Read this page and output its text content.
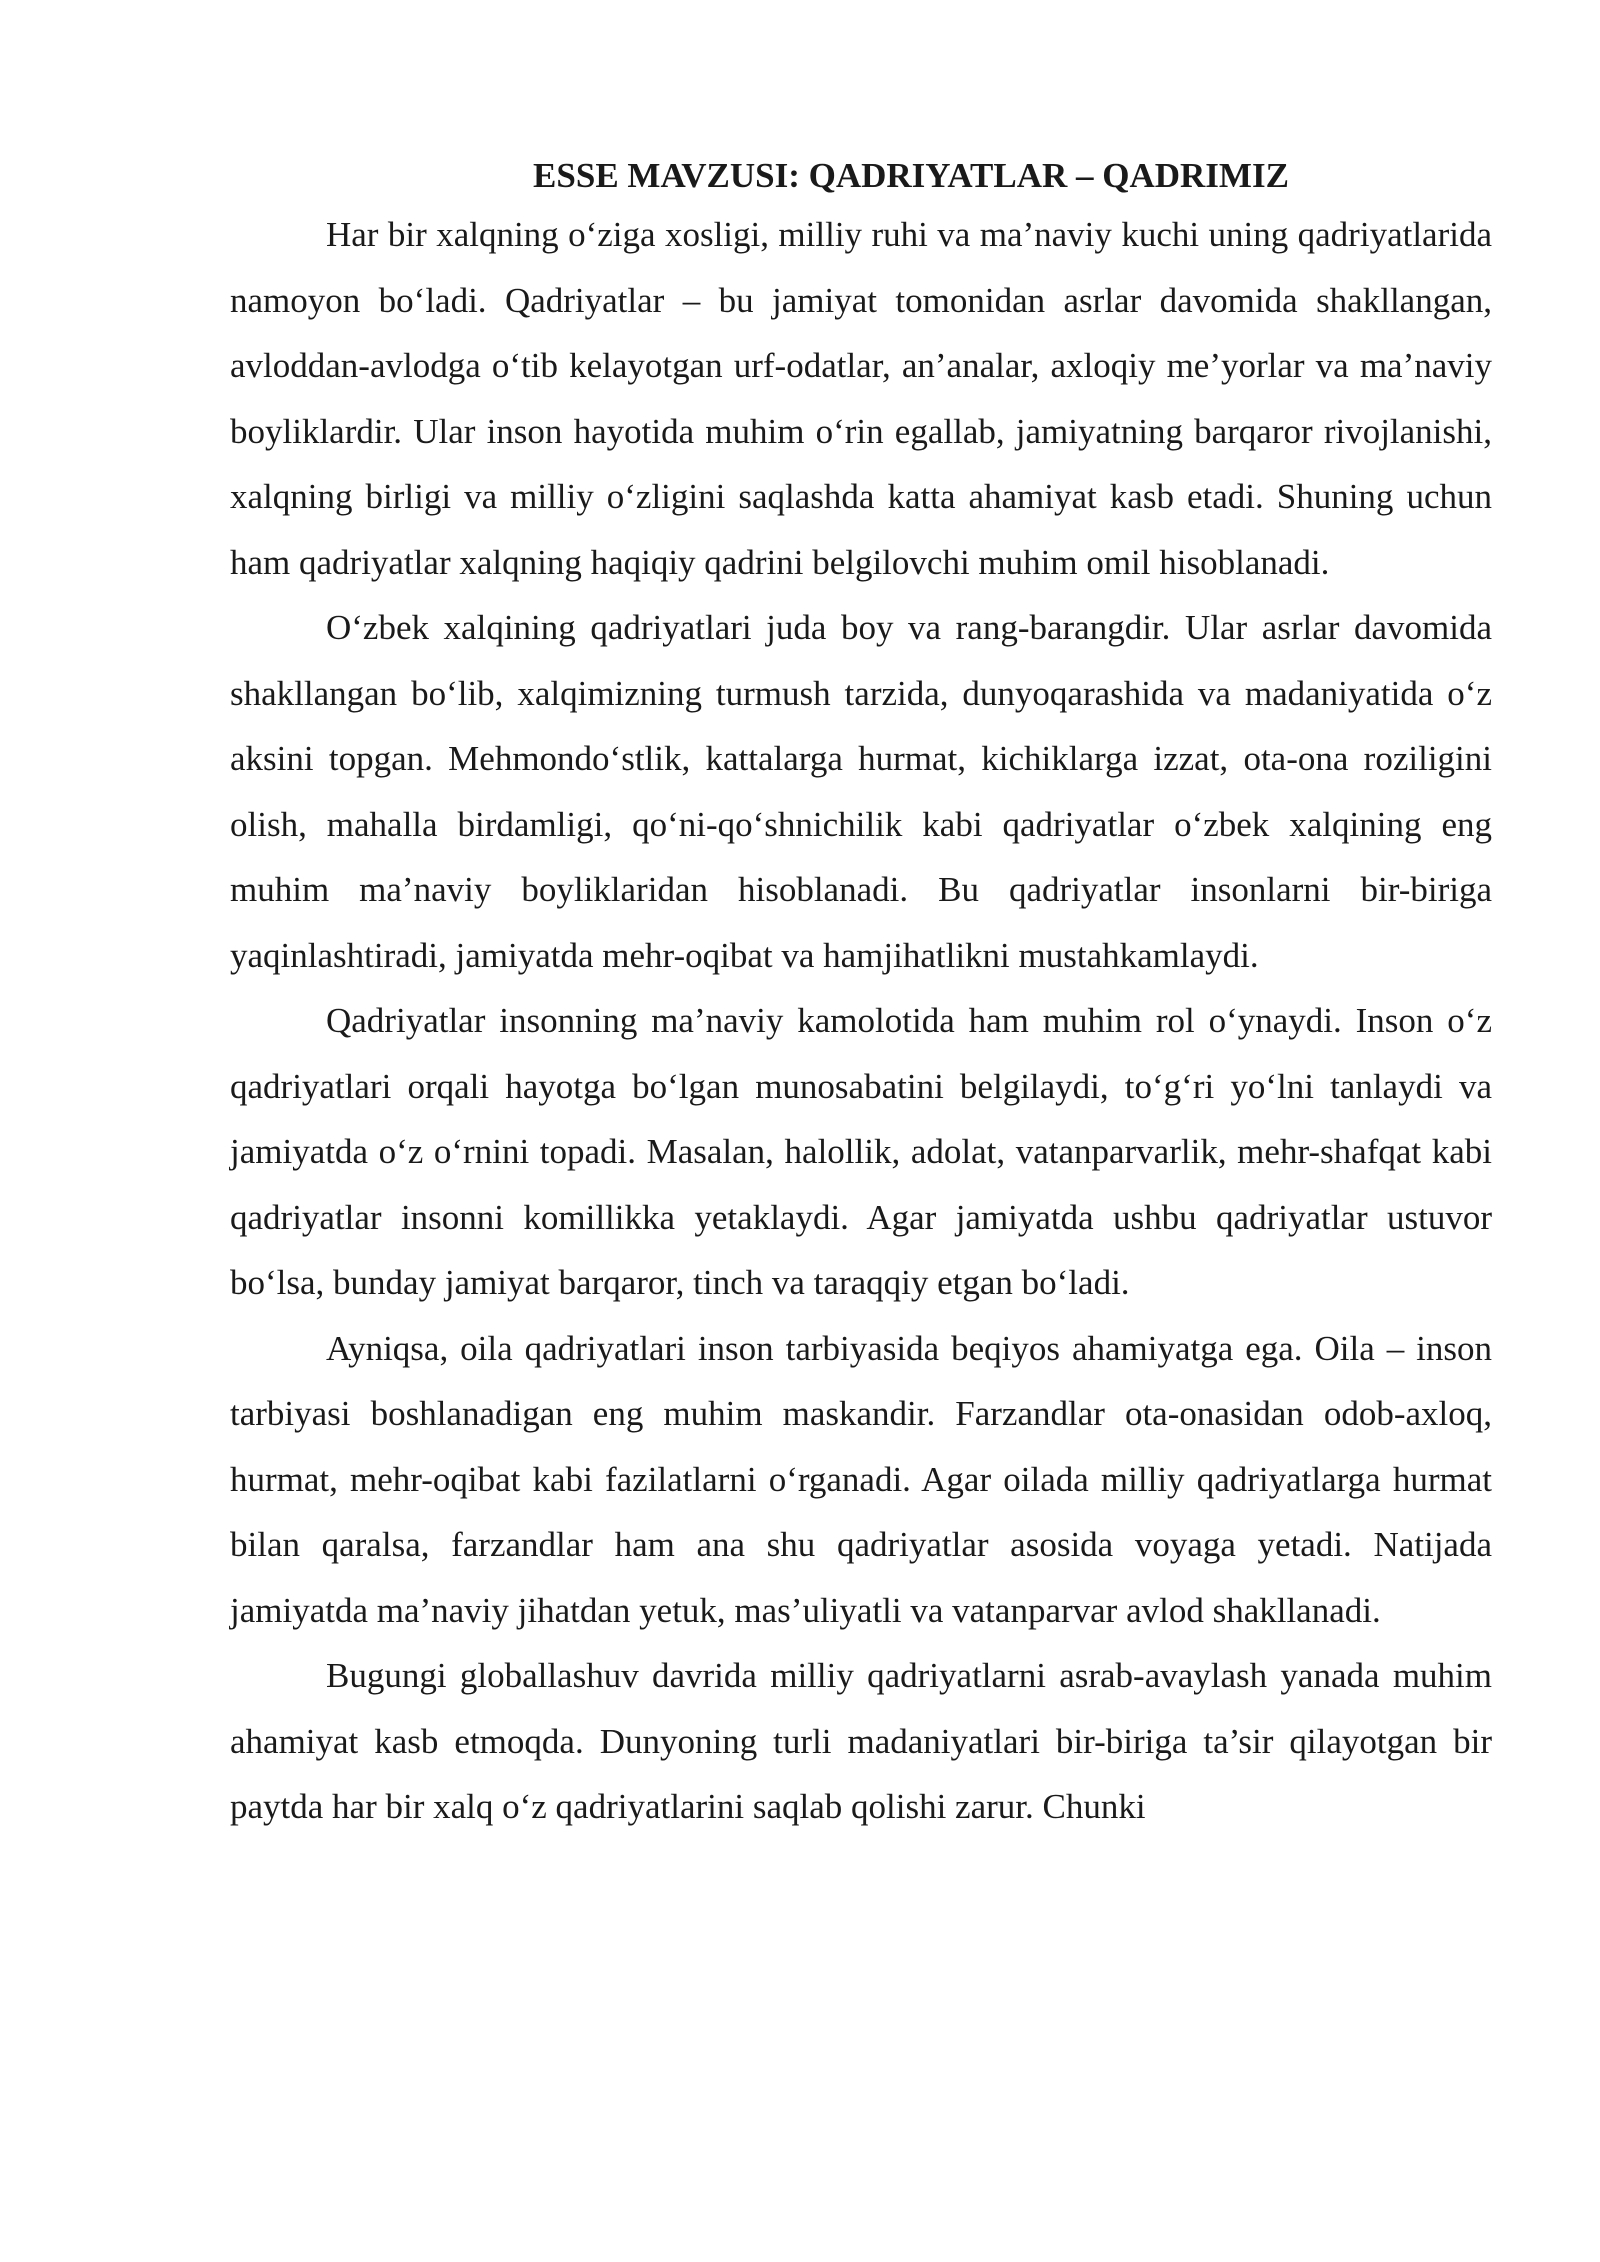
ESSE MAVZUSI: QADRIYATLAR – QADRIMIZ

Har bir xalqning o‘ziga xosligi, milliy ruhi va ma’naviy kuchi uning qadriyatlarida namoyon bo‘ladi. Qadriyatlar – bu jamiyat tomonidan asrlar davomida shakllangan, avloddan-avlodga o‘tib kelayotgan urf-odatlar, an’analar, axloqiy me’yorlar va ma’naviy boyliklardir. Ular inson hayotida muhim o‘rin egallab, jamiyatning barqaror rivojlanishi, xalqning birligi va milliy o‘zligini saqlashda katta ahamiyat kasb etadi. Shuning uchun ham qadriyatlar xalqning haqiqiy qadrini belgilovchi muhim omil hisoblanadi.

O‘zbek xalqining qadriyatlari juda boy va rang-barangdir. Ular asrlar davomida shakllangan bo‘lib, xalqimizning turmush tarzida, dunyoqarashida va madaniyatida o‘z aksini topgan. Mehmondo‘stlik, kattalarga hurmat, kichiklarga izzat, ota-ona roziligini olish, mahalla birdamligi, qo‘ni-qo‘shnichilik kabi qadriyatlar o‘zbek xalqining eng muhim ma’naviy boyliklaridan hisoblanadi. Bu qadriyatlar insonlarni bir-biriga yaqinlashtiradi, jamiyatda mehr-oqibat va hamjihatlikni mustahkamlaydi.

Qadriyatlar insonning ma’naviy kamolotida ham muhim rol o‘ynaydi. Inson o‘z qadriyatlari orqali hayotga bo‘lgan munosabatini belgilaydi, to‘g‘ri yo‘lni tanlaydi va jamiyatda o‘z o‘rnini topadi. Masalan, halollik, adolat, vatanparvarlik, mehr-shafqat kabi qadriyatlar insonni komillikka yetaklaydi. Agar jamiyatda ushbu qadriyatlar ustuvor bo‘lsa, bunday jamiyat barqaror, tinch va taraqqiy etgan bo‘ladi.

Ayniqsa, oila qadriyatlari inson tarbiyasida beqiyos ahamiyatga ega. Oila – inson tarbiyasi boshlanadigan eng muhim maskandir. Farzandlar ota-onasidan odob-axloq, hurmat, mehr-oqibat kabi fazilatlarni o‘rganadi. Agar oilada milliy qadriyatlarga hurmat bilan qaralsa, farzandlar ham ana shu qadriyatlar asosida voyaga yetadi. Natijada jamiyatda ma’naviy jihatdan yetuk, mas’uliyatli va vatanparvar avlod shakllanadi.

Bugungi globallashuv davrida milliy qadriyatlarni asrab-avaylash yanada muhim ahamiyat kasb etmoqda. Dunyoning turli madaniyatlari bir-biriga ta’sir qilayotgan bir paytda har bir xalq o‘z qadriyatlarini saqlab qolishi zarur. Chunki
